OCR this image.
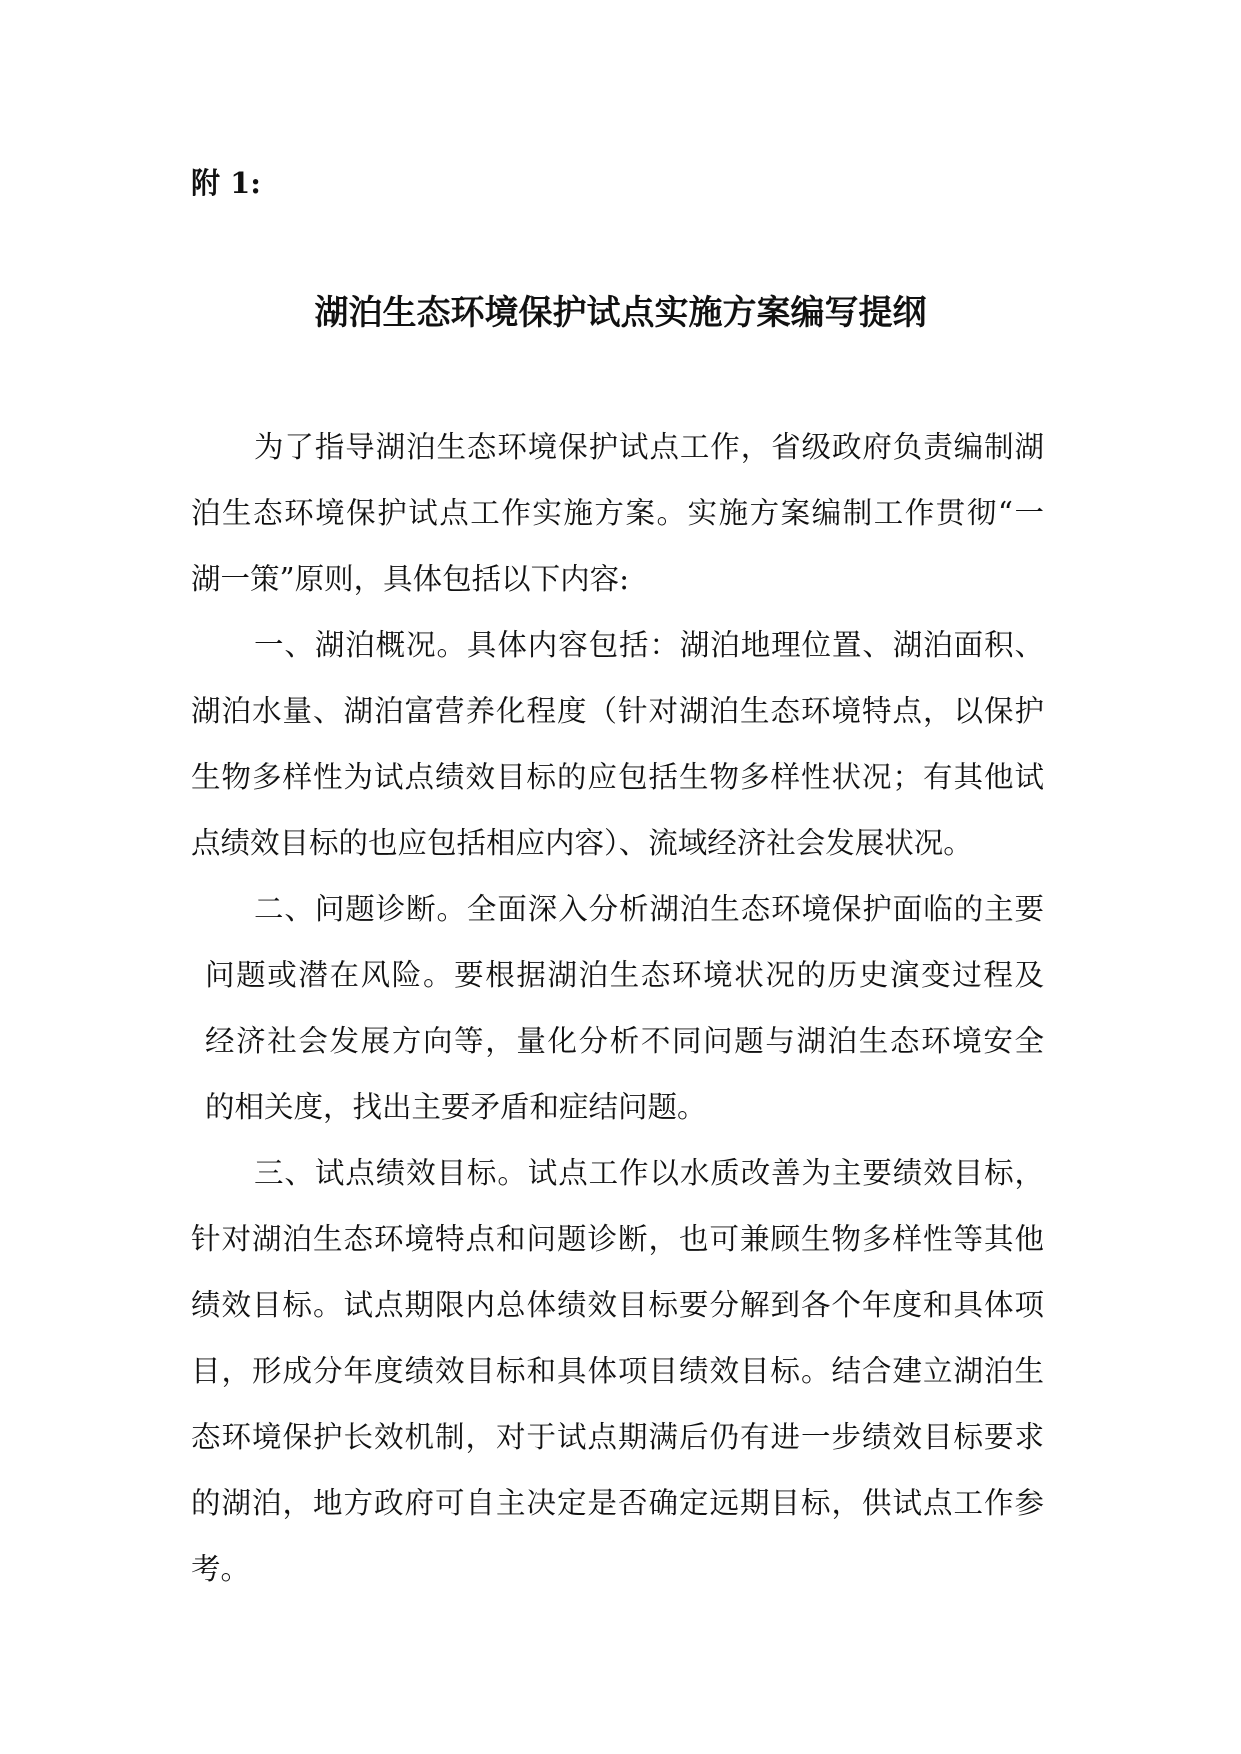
附 1:
湖泊生态环境保护试点实施方案编写提纲
为了指导湖泊生态环境保护试点工作，省级政府负责编制湖
泊生态环境保护试点工作实施方案。实施方案编制工作贯彻“一
湖一策”原则，具体包括以下内容:
一、湖泊概况。具体内容包括：湖泊地理位置、湖泊面积、
湖泊水量、湖泊富营养化程度（针对湖泊生态环境特点，以保护
生物多样性为试点绩效目标的应包括生物多样性状况；有其他试
点绩效目标的也应包括相应内容）、流域经济社会发展状况。
二、问题诊断。全面深入分析湖泊生态环境保护面临的主要
问题或潜在风险。要根据湖泊生态环境状况的历史演变过程及
经济社会发展方向等，量化分析不同问题与湖泊生态环境安全
的相关度，找出主要矛盾和症结问题。
三、试点绩效目标。试点工作以水质改善为主要绩效目标，
针对湖泊生态环境特点和问题诊断，也可兼顾生物多样性等其他
绩效目标。试点期限内总体绩效目标要分解到各个年度和具体项
目，形成分年度绩效目标和具体项目绩效目标。结合建立湖泊生
态环境保护长效机制，对于试点期满后仍有进一步绩效目标要求
的湖泊，地方政府可自主决定是否确定远期目标，供试点工作参
考。
